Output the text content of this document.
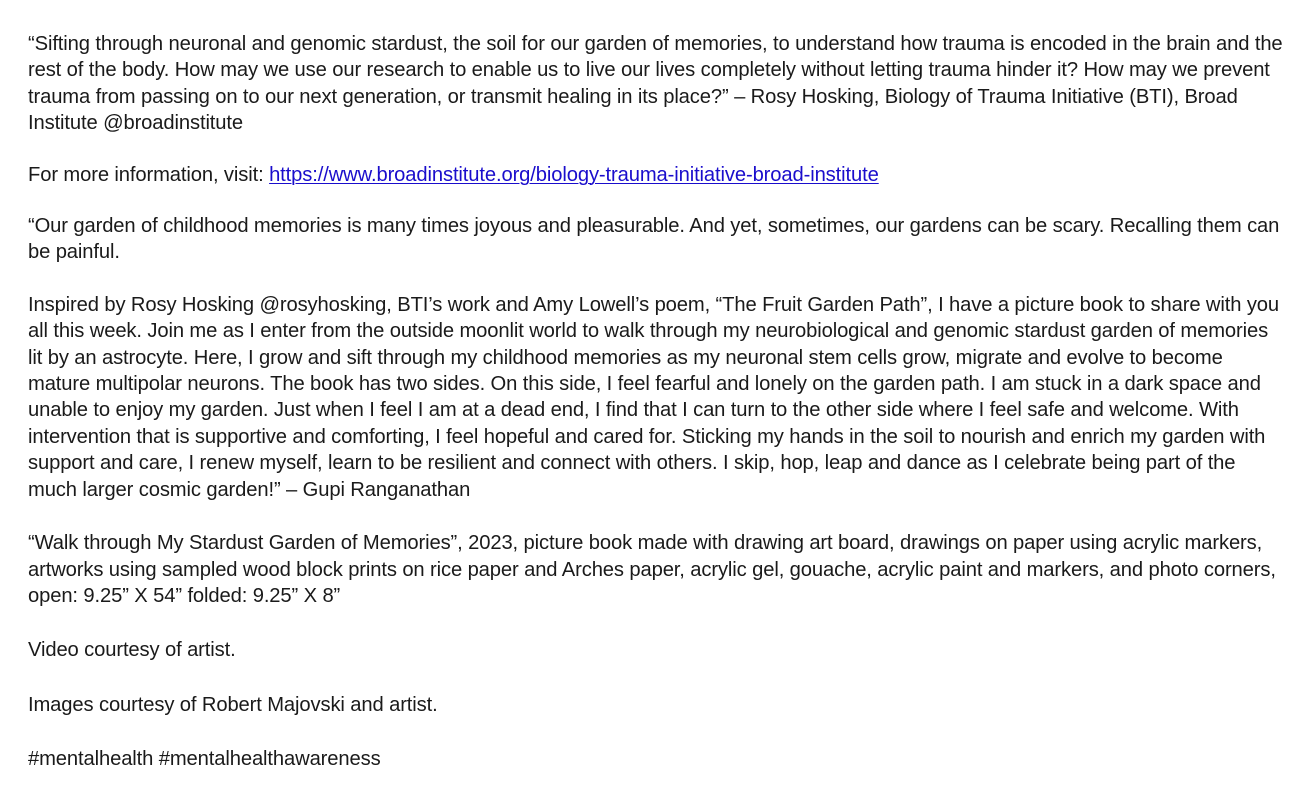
“Sifting through neuronal and genomic stardust, the soil for our garden of memories, to understand how trauma is encoded in the brain and the rest of the body. How may we use our research to enable us to live our lives completely without letting trauma hinder it? How may we prevent trauma from passing on to our next generation, or transmit healing in its place?” – Rosy Hosking, Biology of Trauma Initiative (BTI), Broad Institute @broadinstitute

For more information, visit: https://www.broadinstitute.org/biology-trauma-initiative-broad-institute

“Our garden of childhood memories is many times joyous and pleasurable. And yet, sometimes, our gardens can be scary. Recalling them can be painful.

Inspired by Rosy Hosking @rosyhosking, BTI’s work and Amy Lowell’s poem, “The Fruit Garden Path”, I have a picture book to share with you all this week. Join me as I enter from the outside moonlit world to walk through my neurobiological and genomic stardust garden of memories lit by an astrocyte. Here, I grow and sift through my childhood memories as my neuronal stem cells grow, migrate and evolve to become mature multipolar neurons. The book has two sides. On this side, I feel fearful and lonely on the garden path. I am stuck in a dark space and unable to enjoy my garden. Just when I feel I am at a dead end, I find that I can turn to the other side where I feel safe and welcome. With intervention that is supportive and comforting, I feel hopeful and cared for. Sticking my hands in the soil to nourish and enrich my garden with support and care, I renew myself, learn to be resilient and connect with others. I skip, hop, leap and dance as I celebrate being part of the much larger cosmic garden!” – Gupi Ranganathan

“Walk through My Stardust Garden of Memories”, 2023, picture book made with drawing art board, drawings on paper using acrylic markers, artworks using sampled wood block prints on rice paper and Arches paper, acrylic gel, gouache, acrylic paint and markers, and photo corners, open: 9.25” X 54” folded: 9.25” X 8”

Video courtesy of artist.

Images courtesy of Robert Majovski and artist.

#mentalhealth #mentalhealthawareness
